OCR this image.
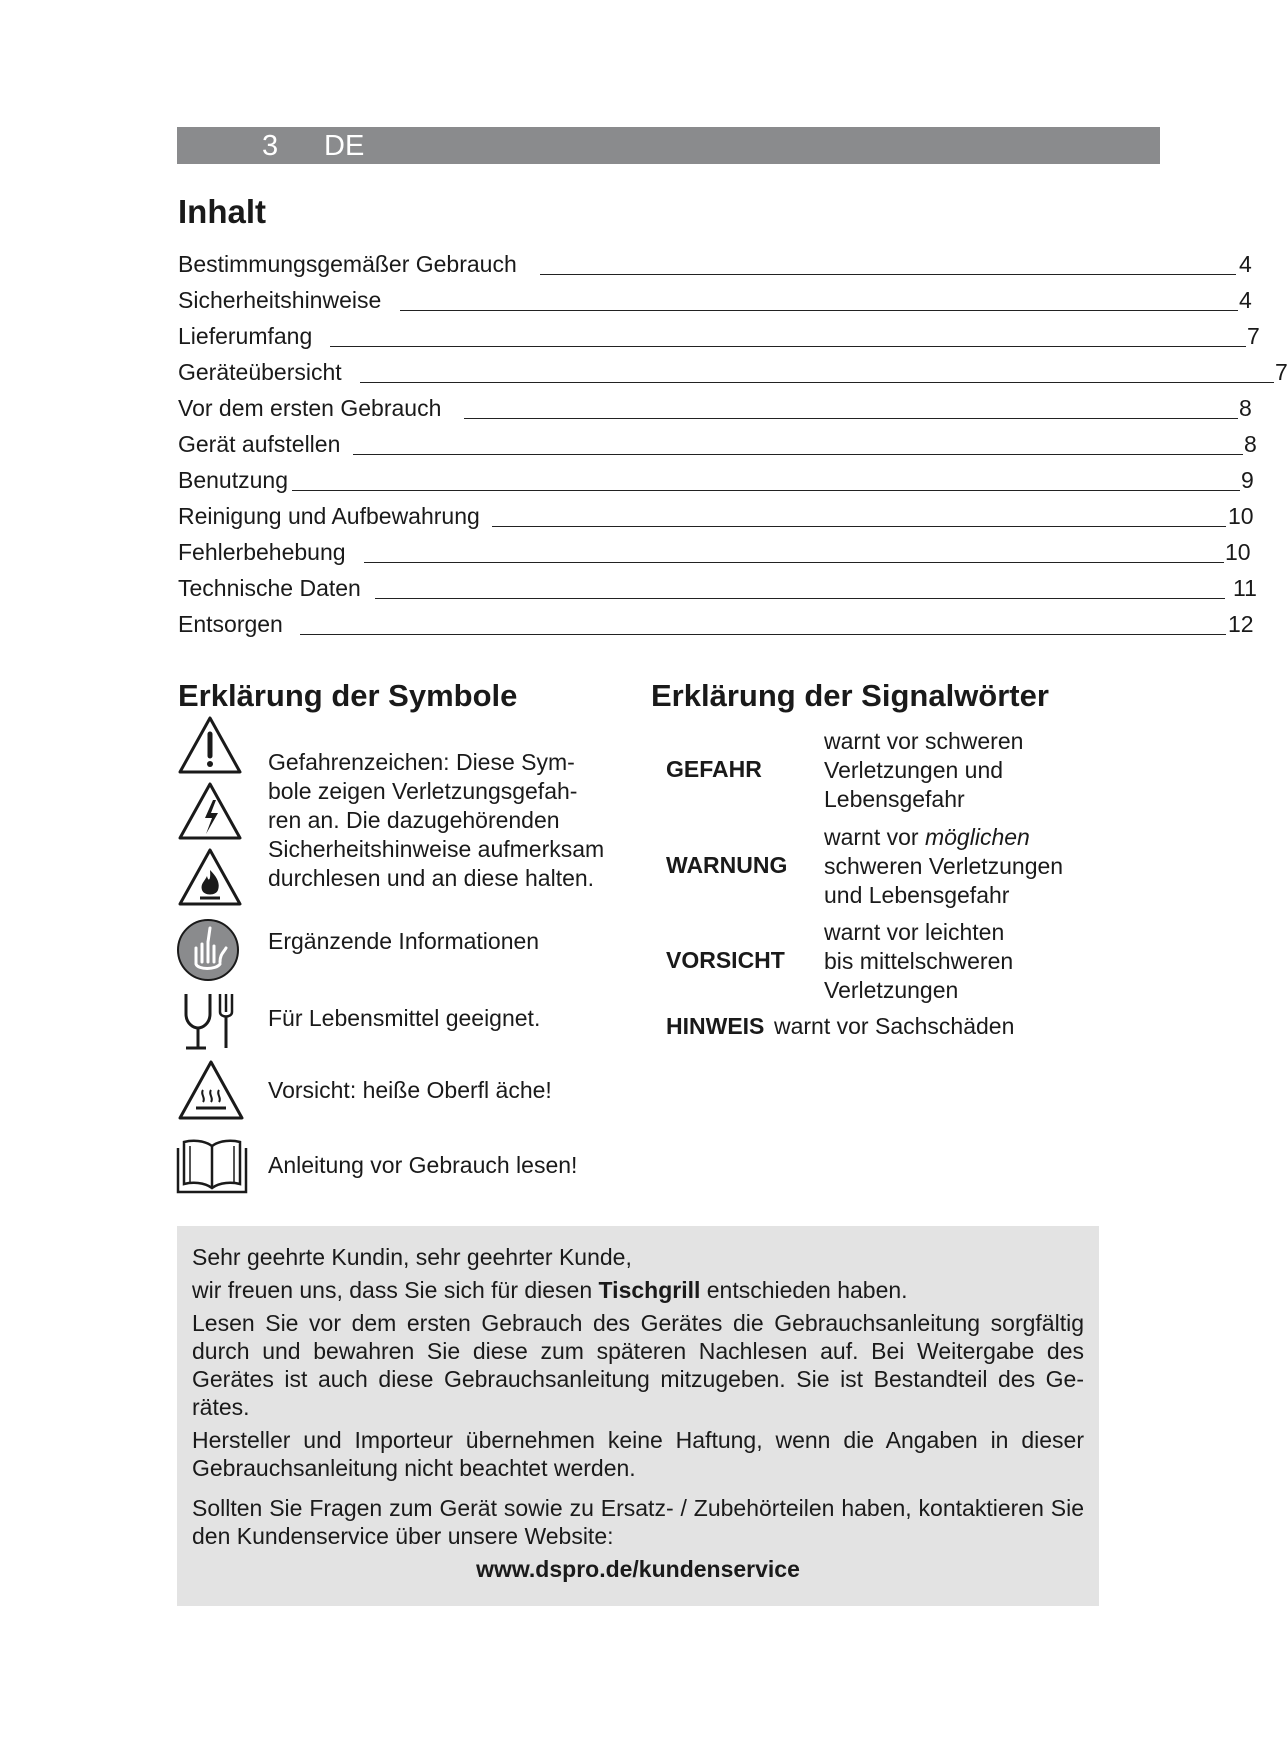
3 DE
Inhalt
Bestimmungsgemäßer Gebrauch	4
Sicherheitshinweise	4
Lieferumfang	7
Geräteübersicht	7
Vor dem ersten Gebrauch	8
Gerät aufstellen	8
Benutzung	9
Reinigung und Aufbewahrung	10
Fehlerbehebung	10
Technische Daten	11
Entsorgen	12
Erklärung der Symbole
Gefahrenzeichen: Diese Sym-
bole zeigen Verletzungsgefah-
ren an. Die dazugehörenden
Sicherheitshinweise aufmerksam
durchlesen und an diese halten.
Ergänzende Informationen
Für Lebensmittel geeignet.
Vorsicht: heiße Oberfl äche!
Anleitung vor Gebrauch lesen!
Erklärung der Signalwörter
GEFAHR
warnt vor schweren
Verletzungen und
Lebensgefahr
WARNUNG
warnt vor möglichen
schweren Verletzungen
und Lebensgefahr
VORSICHT
warnt vor leichten
bis mittelschweren
Verletzungen
HINWEIS warnt vor Sachschäden

Sehr geehrte Kundin, sehr geehrter Kunde,

wir freuen uns, dass Sie sich für diesen Tischgrill entschieden haben.

Lesen Sie vor dem ersten Gebrauch des Gerätes die Gebrauchsanleitung sorgfältig durch und bewahren Sie diese zum späteren Nachlesen auf. Bei Weitergabe des Gerätes ist auch diese Gebrauchsanleitung mitzugeben. Sie ist Bestandteil des Ge-rätes.

Hersteller und Importeur übernehmen keine Haftung, wenn die Angaben in dieser Gebrauchsanleitung nicht beachtet werden.

Sollten Sie Fragen zum Gerät sowie zu Ersatz- / Zubehörteilen haben, kontaktieren Sie den Kundenservice über unsere Website:

www.dspro.de/kundenservice
